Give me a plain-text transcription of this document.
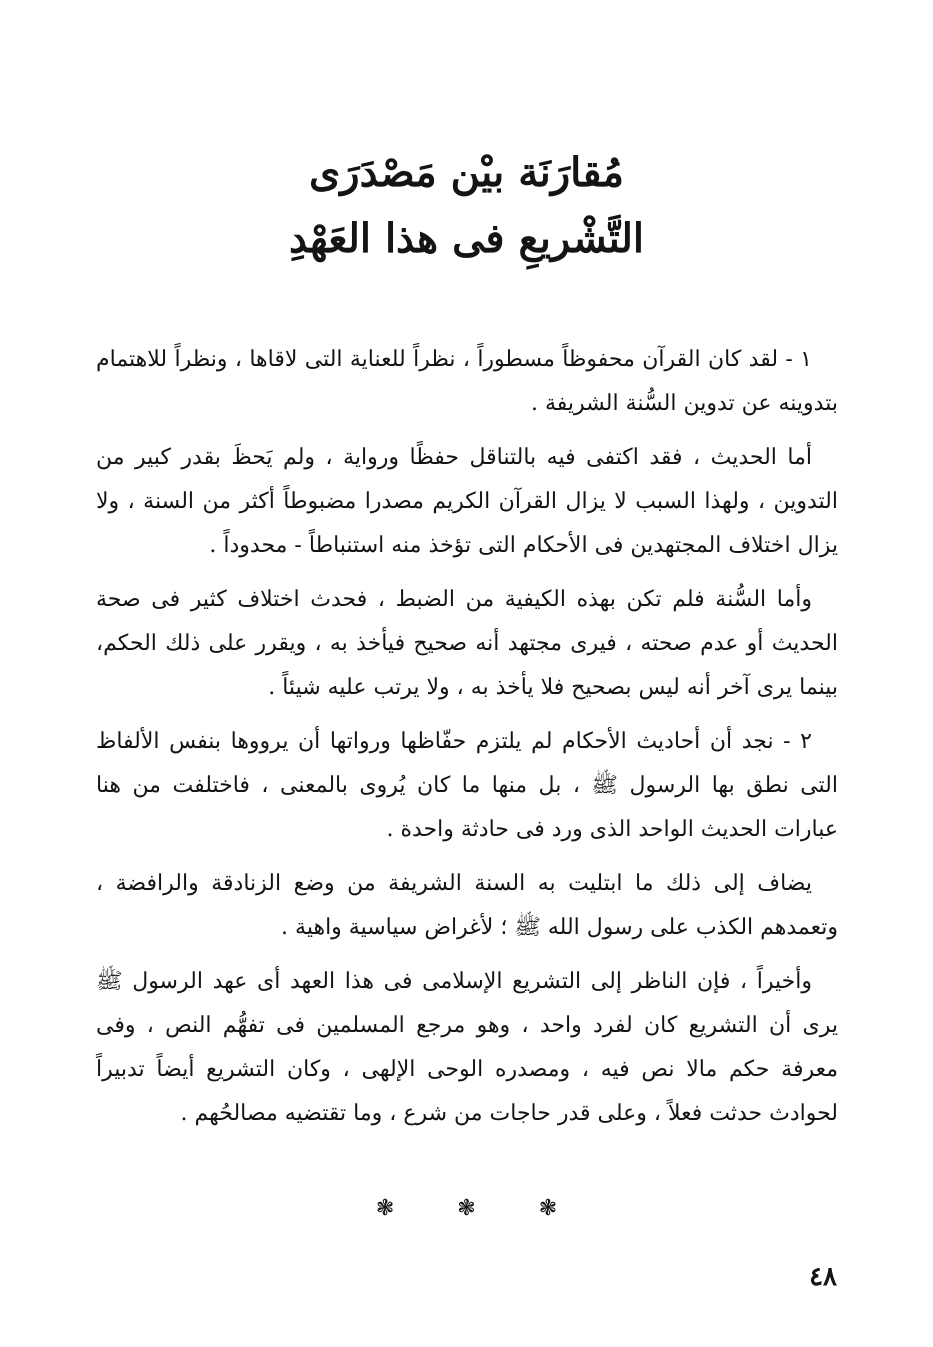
مُقارَنَة بيْن مَصْدَرَى
التَّشْريعِ فى هذا العَهْدِ

١ - لقد كان القرآن محفوظاً مسطوراً ، نظراً للعناية التى لاقاها ، ونظراً للاهتمام بتدوينه عن تدوين السُّنة الشريفة .

أما الحديث ، فقد اكتفى فيه بالتناقل حفظًا ورواية ، ولم يَحظَ بقدر كبير من التدوين ، ولهذا السبب لا يزال القرآن الكريم مصدرا مضبوطاً أكثر من السنة ، ولا يزال اختلاف المجتهدين فى الأحكام التى تؤخذ منه استنباطاً - محدوداً .

وأما السُّنة فلم تكن بهذه الكيفية من الضبط ، فحدث اختلاف كثير فى صحة الحديث أو عدم صحته ، فيرى مجتهد أنه صحيح فيأخذ به ، ويقرر على ذلك الحكم، بينما يرى آخر أنه ليس بصحيح فلا يأخذ به ، ولا يرتب عليه شيئاً .

٢ - نجد أن أحاديث الأحكام لم يلتزم حفّاظها ورواتها أن يرووها بنفس الألفاظ التى نطق بها الرسول ﷺ ، بل منها ما كان يُروى بالمعنى ، فاختلفت من هنا عبارات الحديث الواحد الذى ورد فى حادثة واحدة .

يضاف إلى ذلك ما ابتليت به السنة الشريفة من وضع الزنادقة والرافضة ، وتعمدهم الكذب على رسول الله ﷺ ؛ لأغراض سياسية واهية .

وأخيراً ، فإن الناظر إلى التشريع الإسلامى فى هذا العهد أى عهد الرسول ﷺ يرى أن التشريع كان لفرد واحد ، وهو مرجع المسلمين فى تفهُّم النص ، وفى معرفة حكم مالا نص فيه ، ومصدره الوحى الإلهى ، وكان التشريع أيضاً تدبيراً لحوادث حدثت فعلاً ، وعلى قدر حاجات من شرع ، وما تقتضيه مصالحُهم .

❃ ❃ ❃
٤٨
